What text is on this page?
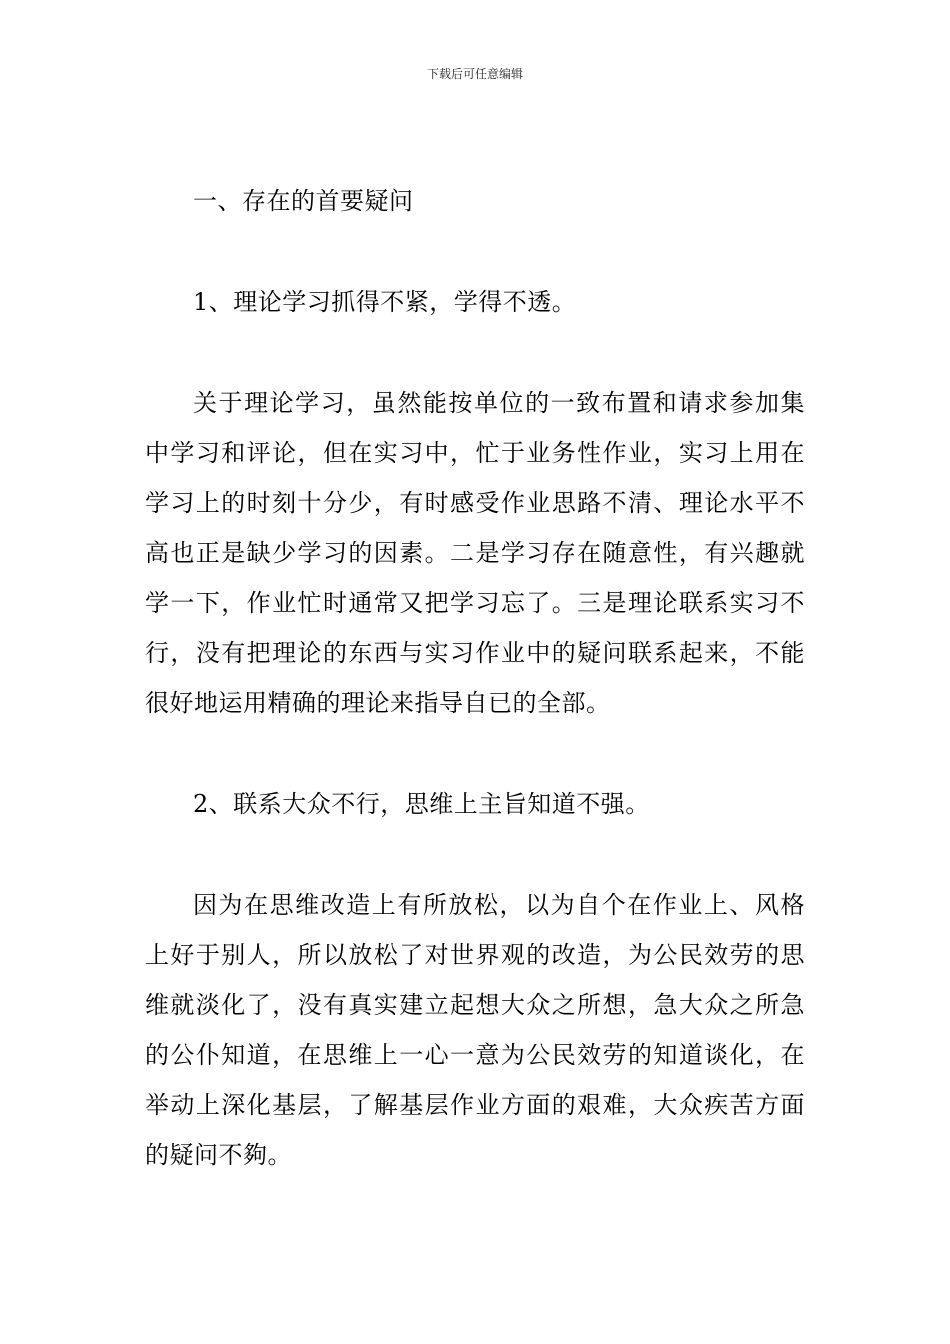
下载后可任意编辑

一、存在的首要疑问

1、理论学习抓得不紧，学得不透。

关于理论学习，虽然能按单位的一致布置和请求参加集中学习和评论，但在实习中，忙于业务性作业，实习上用在学习上的时刻十分少，有时感受作业思路不清、理论水平不高也正是缺少学习的因素。二是学习存在随意性，有兴趣就学一下，作业忙时通常又把学习忘了。三是理论联系实习不行，没有把理论的东西与实习作业中的疑问联系起来，不能很好地运用精确的理论来指导自已的全部。

2、联系大众不行，思维上主旨知道不强。

因为在思维改造上有所放松，以为自个在作业上、风格上好于别人，所以放松了对世界观的改造，为公民效劳的思维就淡化了，没有真实建立起想大众之所想，急大众之所急的公仆知道，在思维上一心一意为公民效劳的知道谈化，在举动上深化基层，了解基层作业方面的艰难，大众疾苦方面的疑问不夠。
